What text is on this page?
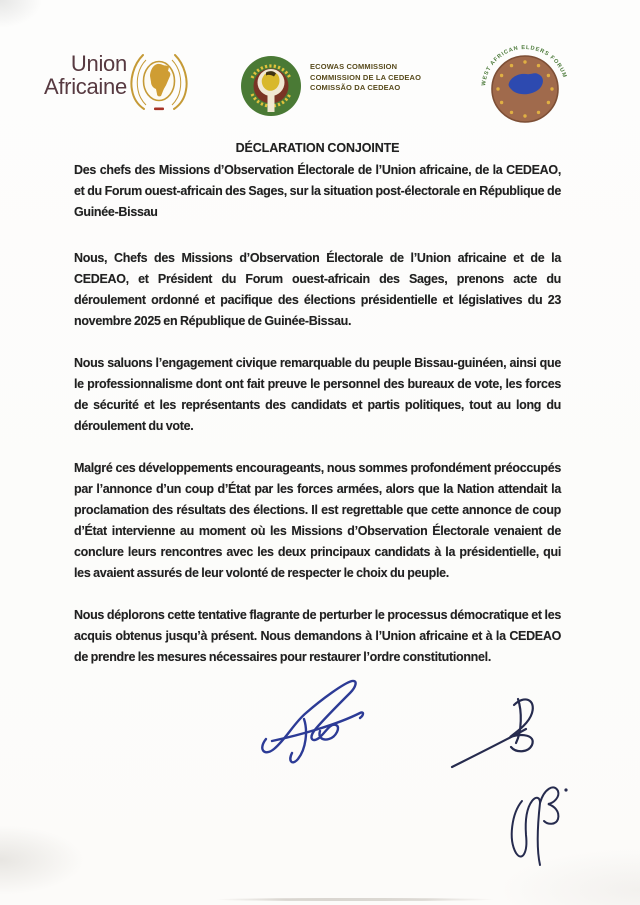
Union
Africaine
ECOWAS COMMISSION
COMMISSION DE LA CEDEAO
COMISSÃO DA CEDEAO
WEST AFRICAN ELDERS FORUM

DÉCLARATION CONJOINTE

Des chefs des Missions d’Observation Électorale de l’Union africaine, de la CEDEAO, et du Forum ouest-africain des Sages, sur la situation post-électorale en République de Guinée-Bissau

Nous, Chefs des Missions d’Observation Électorale de l’Union africaine et de la CEDEAO, et Président du Forum ouest-africain des Sages, prenons acte du déroulement ordonné et pacifique des élections présidentielle et législatives du 23 novembre 2025 en République de Guinée-Bissau.

Nous saluons l’engagement civique remarquable du peuple Bissau-guinéen, ainsi que le professionnalisme dont ont fait preuve le personnel des bureaux de vote, les forces de sécurité et les représentants des candidats et partis politiques, tout au long du déroulement du vote.

Malgré ces développements encourageants, nous sommes profondément préoccupés par l’annonce d’un coup d’État par les forces armées, alors que la Nation attendait la proclamation des résultats des élections. Il est regrettable que cette annonce de coup d’État intervienne au moment où les Missions d’Observation Électorale venaient de conclure leurs rencontres avec les deux principaux candidats à la présidentielle, qui les avaient assurés de leur volonté de respecter le choix du peuple.

Nous déplorons cette tentative flagrante de perturber le processus démocratique et les acquis obtenus jusqu’à présent. Nous demandons à l’Union africaine et à la CEDEAO de prendre les mesures nécessaires pour restaurer l’ordre constitutionnel.
